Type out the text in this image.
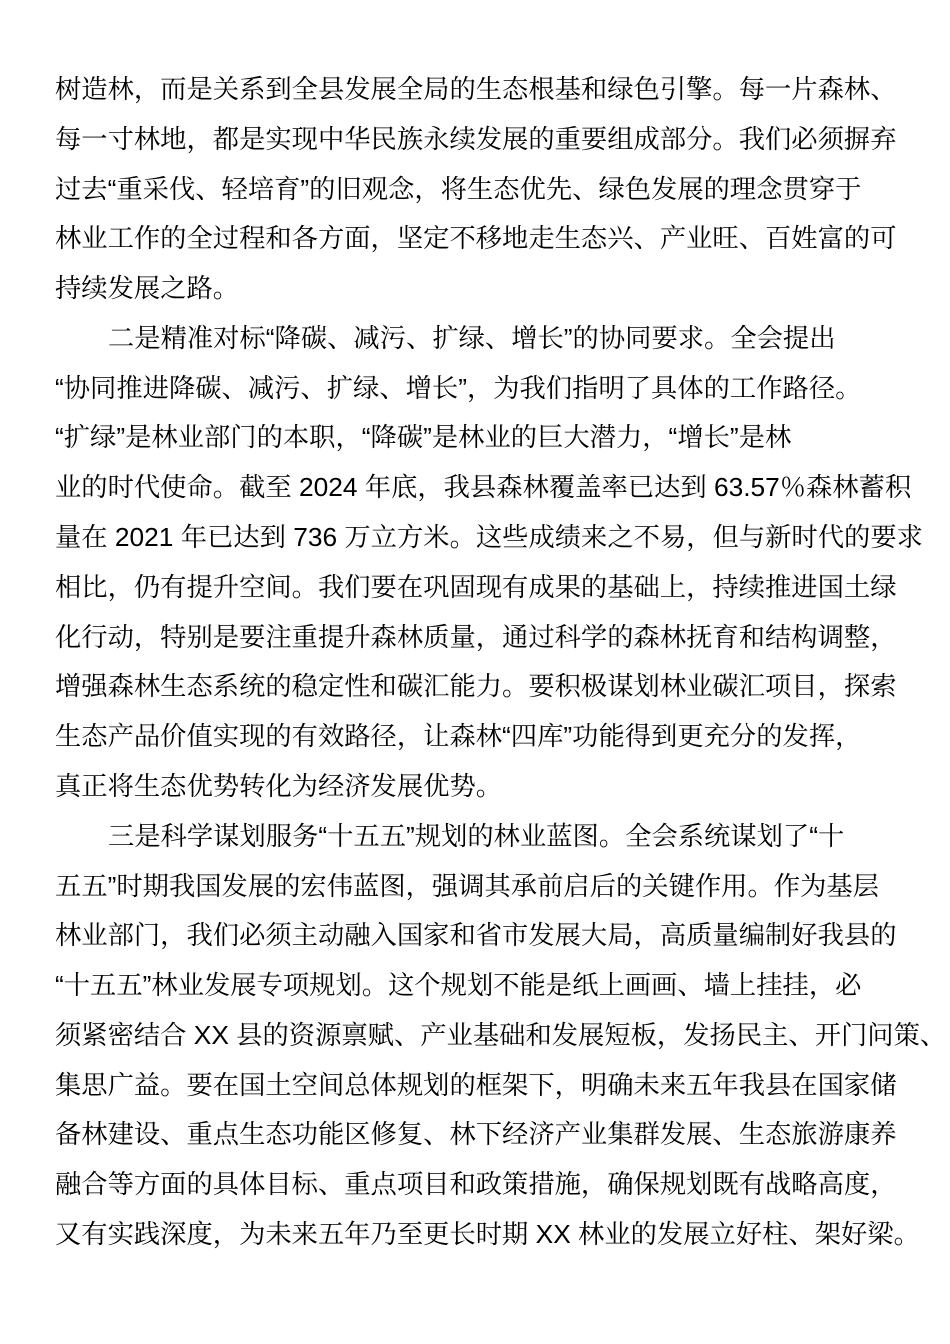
树造林，而是关系到全县发展全局的生态根基和绿色引擎。每一片森林、
每一寸林地，都是实现中华民族永续发展的重要组成部分。我们必须摒弃
过去“重采伐、轻培育”的旧观念，将生态优先、绿色发展的理念贯穿于
林业工作的全过程和各方面，坚定不移地走生态兴、产业旺、百姓富的可
持续发展之路。
二是精准对标“降碳、减污、扩绿、增长”的协同要求。全会提出
“协同推进降碳、减污、扩绿、增长”，为我们指明了具体的工作路径。
“扩绿”是林业部门的本职，“降碳”是林业的巨大潜力，“增长”是林
业的时代使命。截至 2024 年底，我县森林覆盖率已达到 63.57％森林蓄积
量在 2021 年已达到 736 万立方米。这些成绩来之不易，但与新时代的要求
相比，仍有提升空间。我们要在巩固现有成果的基础上，持续推进国土绿
化行动，特别是要注重提升森林质量，通过科学的森林抚育和结构调整，
增强森林生态系统的稳定性和碳汇能力。要积极谋划林业碳汇项目，探索
生态产品价值实现的有效路径，让森林“四库”功能得到更充分的发挥，
真正将生态优势转化为经济发展优势。
三是科学谋划服务“十五五”规划的林业蓝图。全会系统谋划了“十
五五”时期我国发展的宏伟蓝图，强调其承前启后的关键作用。作为基层
林业部门，我们必须主动融入国家和省市发展大局，高质量编制好我县的
“十五五”林业发展专项规划。这个规划不能是纸上画画、墙上挂挂，必
须紧密结合 XX 县的资源禀赋、产业基础和发展短板，发扬民主、开门问策、
集思广益。要在国土空间总体规划的框架下，明确未来五年我县在国家储
备林建设、重点生态功能区修复、林下经济产业集群发展、生态旅游康养
融合等方面的具体目标、重点项目和政策措施，确保规划既有战略高度，
又有实践深度，为未来五年乃至更长时期 XX 林业的发展立好柱、架好梁。
